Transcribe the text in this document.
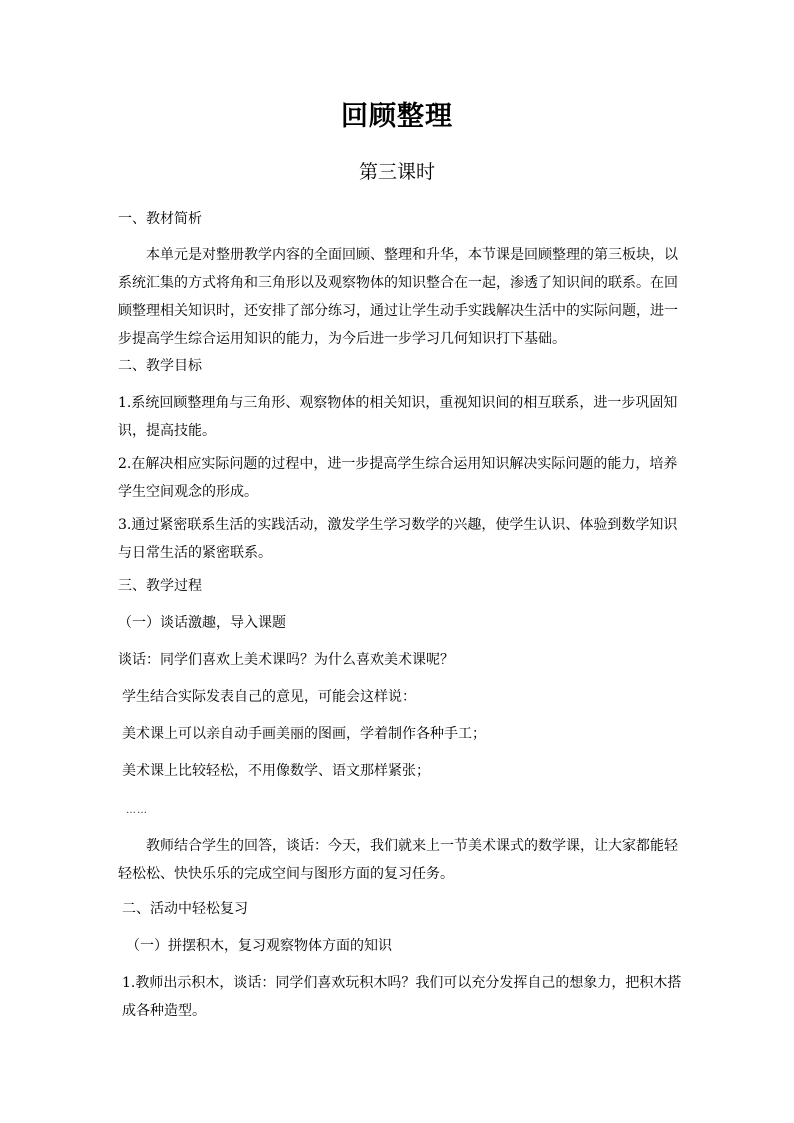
回顾整理
第三课时

一、教材简析

本单元是对整册教学内容的全面回顾、整理和升华，本节课是回顾整理的第三板块，以系统汇集的方式将角和三角形以及观察物体的知识整合在一起，渗透了知识间的联系。在回顾整理相关知识时，还安排了部分练习，通过让学生动手实践解决生活中的实际问题，进一步提高学生综合运用知识的能力，为今后进一步学习几何知识打下基础。

二、教学目标

1.系统回顾整理角与三角形、观察物体的相关知识，重视知识间的相互联系，进一步巩固知识，提高技能。

2.在解决相应实际问题的过程中，进一步提高学生综合运用知识解决实际问题的能力，培养学生空间观念的形成。

3.通过紧密联系生活的实践活动，激发学生学习数学的兴趣，使学生认识、体验到数学知识与日常生活的紧密联系。

三、教学过程

（一）谈话激趣，导入课题

谈话：同学们喜欢上美术课吗？为什么喜欢美术课呢？

学生结合实际发表自己的意见，可能会这样说：

美术课上可以亲自动手画美丽的图画，学着制作各种手工；

美术课上比较轻松，不用像数学、语文那样紧张；

……

教师结合学生的回答，谈话：今天，我们就来上一节美术课式的数学课，让大家都能轻轻松松、快快乐乐的完成空间与图形方面的复习任务。

二、活动中轻松复习

（一）拼摆积木，复习观察物体方面的知识

1.教师出示积木，谈话：同学们喜欢玩积木吗？我们可以充分发挥自己的想象力，把积木搭成各种造型。
